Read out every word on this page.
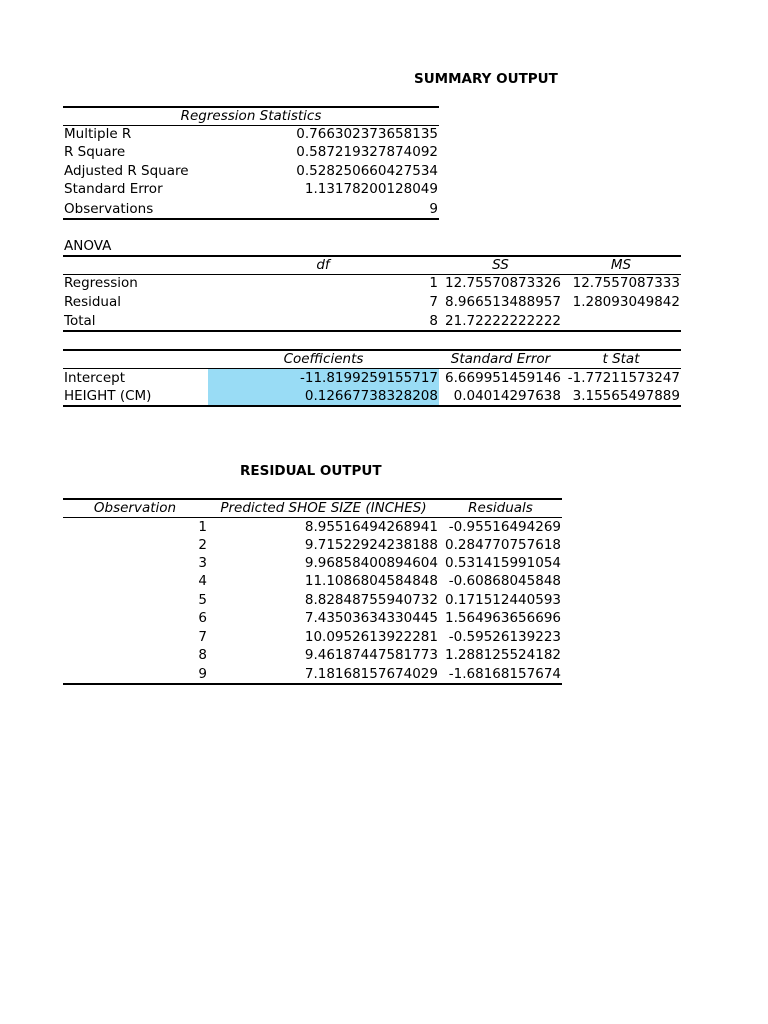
SUMMARY OUTPUT
Regression Statistics
Multiple R	0.766302373658135
R Square	0.587219327874092
Adjusted R Square	0.528250660427534
Standard Error	1.13178200128049
Observations	9
ANOVA
df	SS	MS
Regression	1 12.75570873326 12.7557087333
Residual	7 8.966513488957 1.28093049842
Total	8 21.72222222222
Coefficients	Standard Error	t Stat
Intercept	-11.8199259155717 6.669951459146 -1.77211573247
HEIGHT (CM)	0.12667738328208	0.04014297638 3.15565497889
RESIDUAL OUTPUT
Observation	Predicted SHOE SIZE (INCHES)	Residuals
1	8.95516494268941 -0.95516494269
2	9.71522924238188 0.284770757618
3	9.96858400894604 0.531415991054
4	11.1086804584848 -0.60868045848
5	8.82848755940732 0.171512440593
6	7.43503634330445 1.564963656696
7	10.0952613922281 -0.59526139223
8	9.46187447581773 1.288125524182
9	7.18168157674029 -1.68168157674
